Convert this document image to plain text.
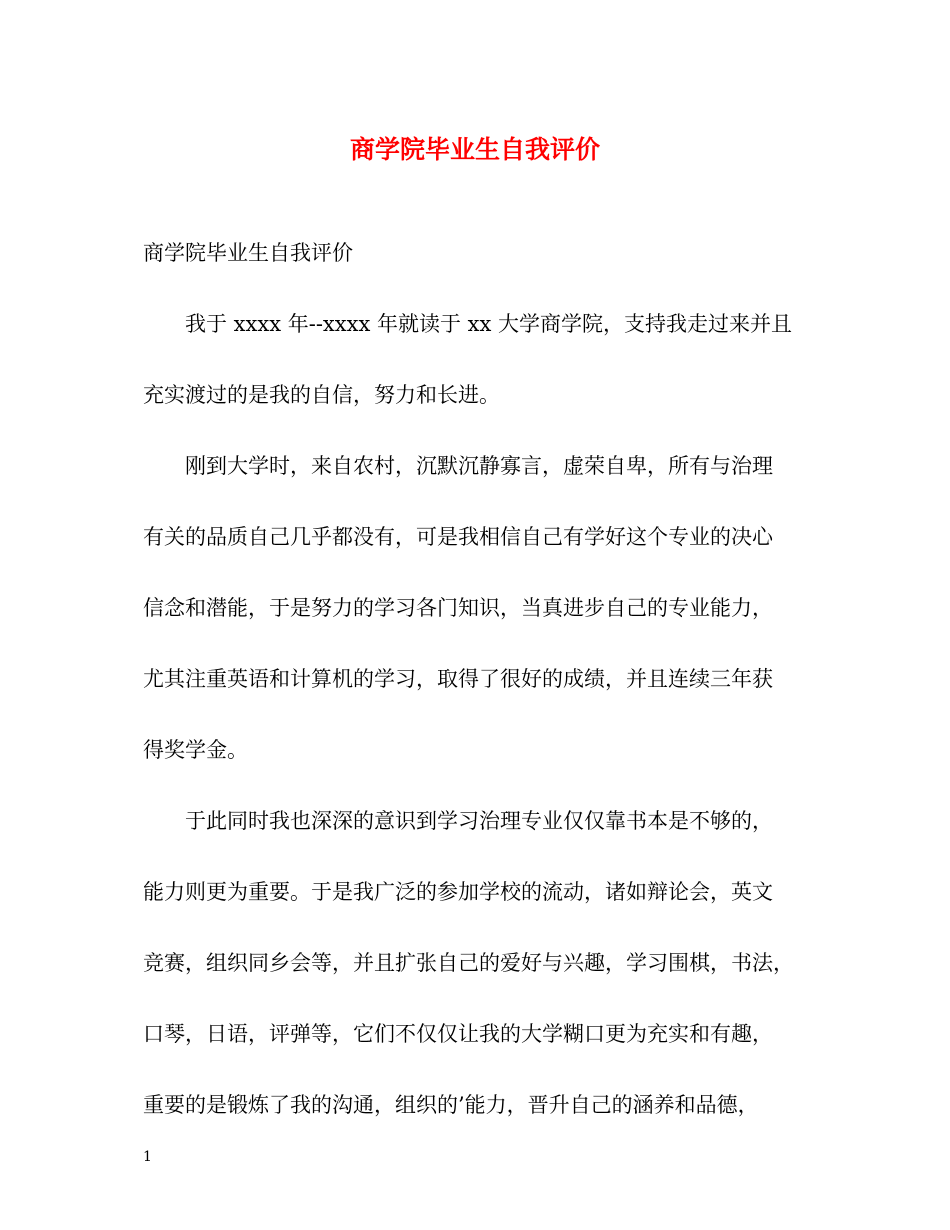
商学院毕业生自我评价
商学院毕业生自我评价
我于 xxxx 年--xxxx 年就读于 xx 大学商学院，支持我走过来并且
充实渡过的是我的自信，努力和长进。
刚到大学时，来自农村，沉默沉静寡言，虚荣自卑，所有与治理
有关的品质自己几乎都没有，可是我相信自己有学好这个专业的决心
信念和潜能，于是努力的学习各门知识，当真进步自己的专业能力，
尤其注重英语和计算机的学习，取得了很好的成绩，并且连续三年获
得奖学金。
于此同时我也深深的意识到学习治理专业仅仅靠书本是不够的，
能力则更为重要。于是我广泛的参加学校的流动，诸如辩论会，英文
竞赛，组织同乡会等，并且扩张自己的爱好与兴趣，学习围棋，书法，
口琴，日语，评弹等，它们不仅仅让我的大学糊口更为充实和有趣，
重要的是锻炼了我的沟通，组织的’能力，晋升自己的涵养和品德，
1
